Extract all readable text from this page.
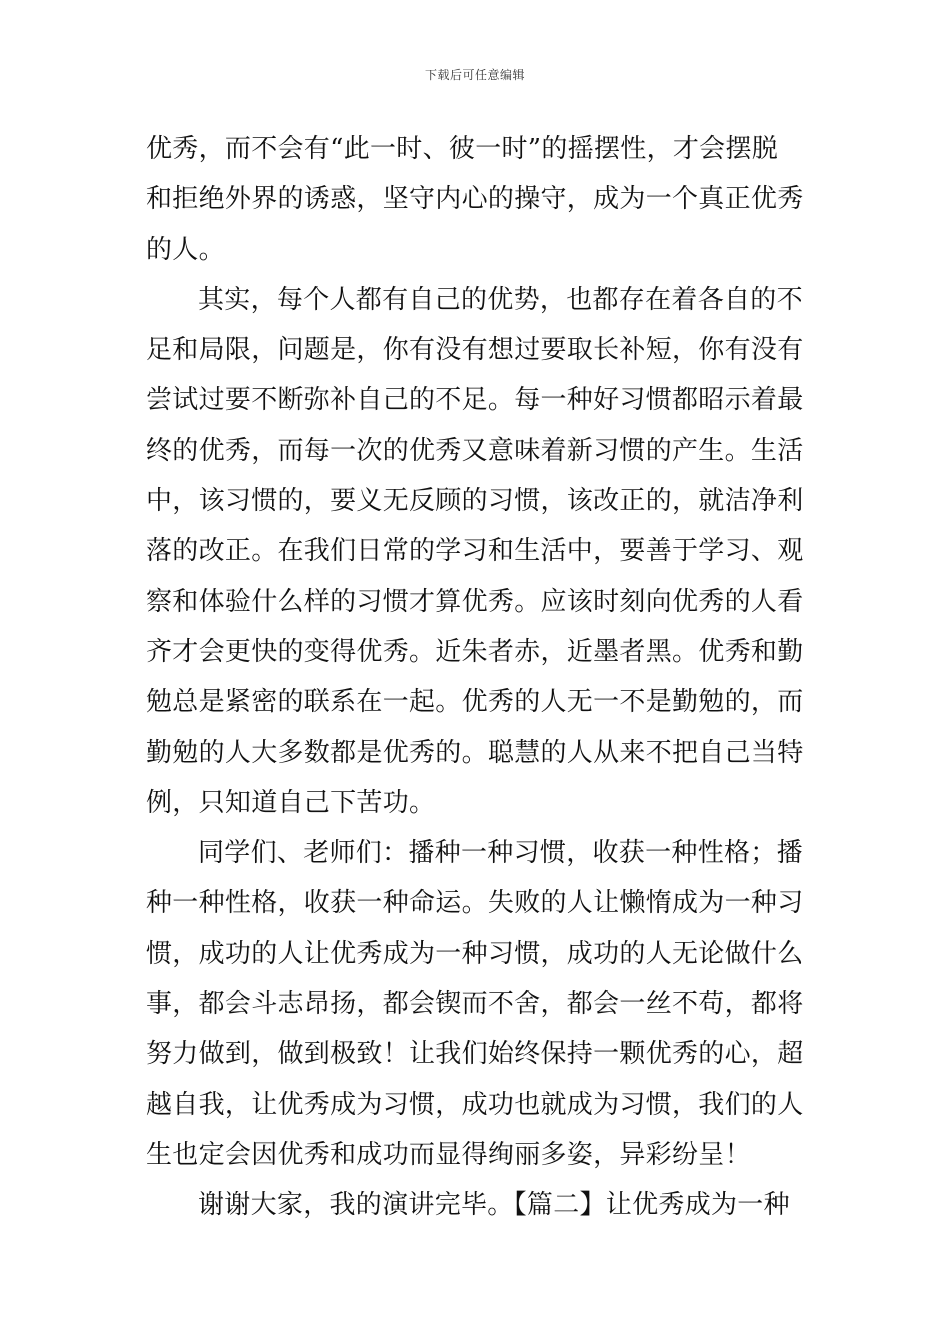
下载后可任意编辑
优秀，而不会有“此一时、彼一时”的摇摆性，才会摆脱
和拒绝外界的诱惑，坚守内心的操守，成为一个真正优秀
的人。
其实，每个人都有自己的优势，也都存在着各自的不
足和局限，问题是，你有没有想过要取长补短，你有没有
尝试过要不断弥补自己的不足。每一种好习惯都昭示着最
终的优秀，而每一次的优秀又意味着新习惯的产生。生活
中，该习惯的，要义无反顾的习惯，该改正的，就洁净利
落的改正。在我们日常的学习和生活中，要善于学习、观
察和体验什么样的习惯才算优秀。应该时刻向优秀的人看
齐才会更快的变得优秀。近朱者赤，近墨者黑。优秀和勤
勉总是紧密的联系在一起。优秀的人无一不是勤勉的，而
勤勉的人大多数都是优秀的。聪慧的人从来不把自己当特
例，只知道自己下苦功。
同学们、老师们：播种一种习惯，收获一种性格；播
种一种性格，收获一种命运。失败的人让懒惰成为一种习
惯，成功的人让优秀成为一种习惯，成功的人无论做什么
事，都会斗志昂扬，都会锲而不舍，都会一丝不苟，都将
努力做到，做到极致！让我们始终保持一颗优秀的心，超
越自我，让优秀成为习惯，成功也就成为习惯，我们的人
生也定会因优秀和成功而显得绚丽多姿，异彩纷呈！
谢谢大家，我的演讲完毕。【篇二】让优秀成为一种
